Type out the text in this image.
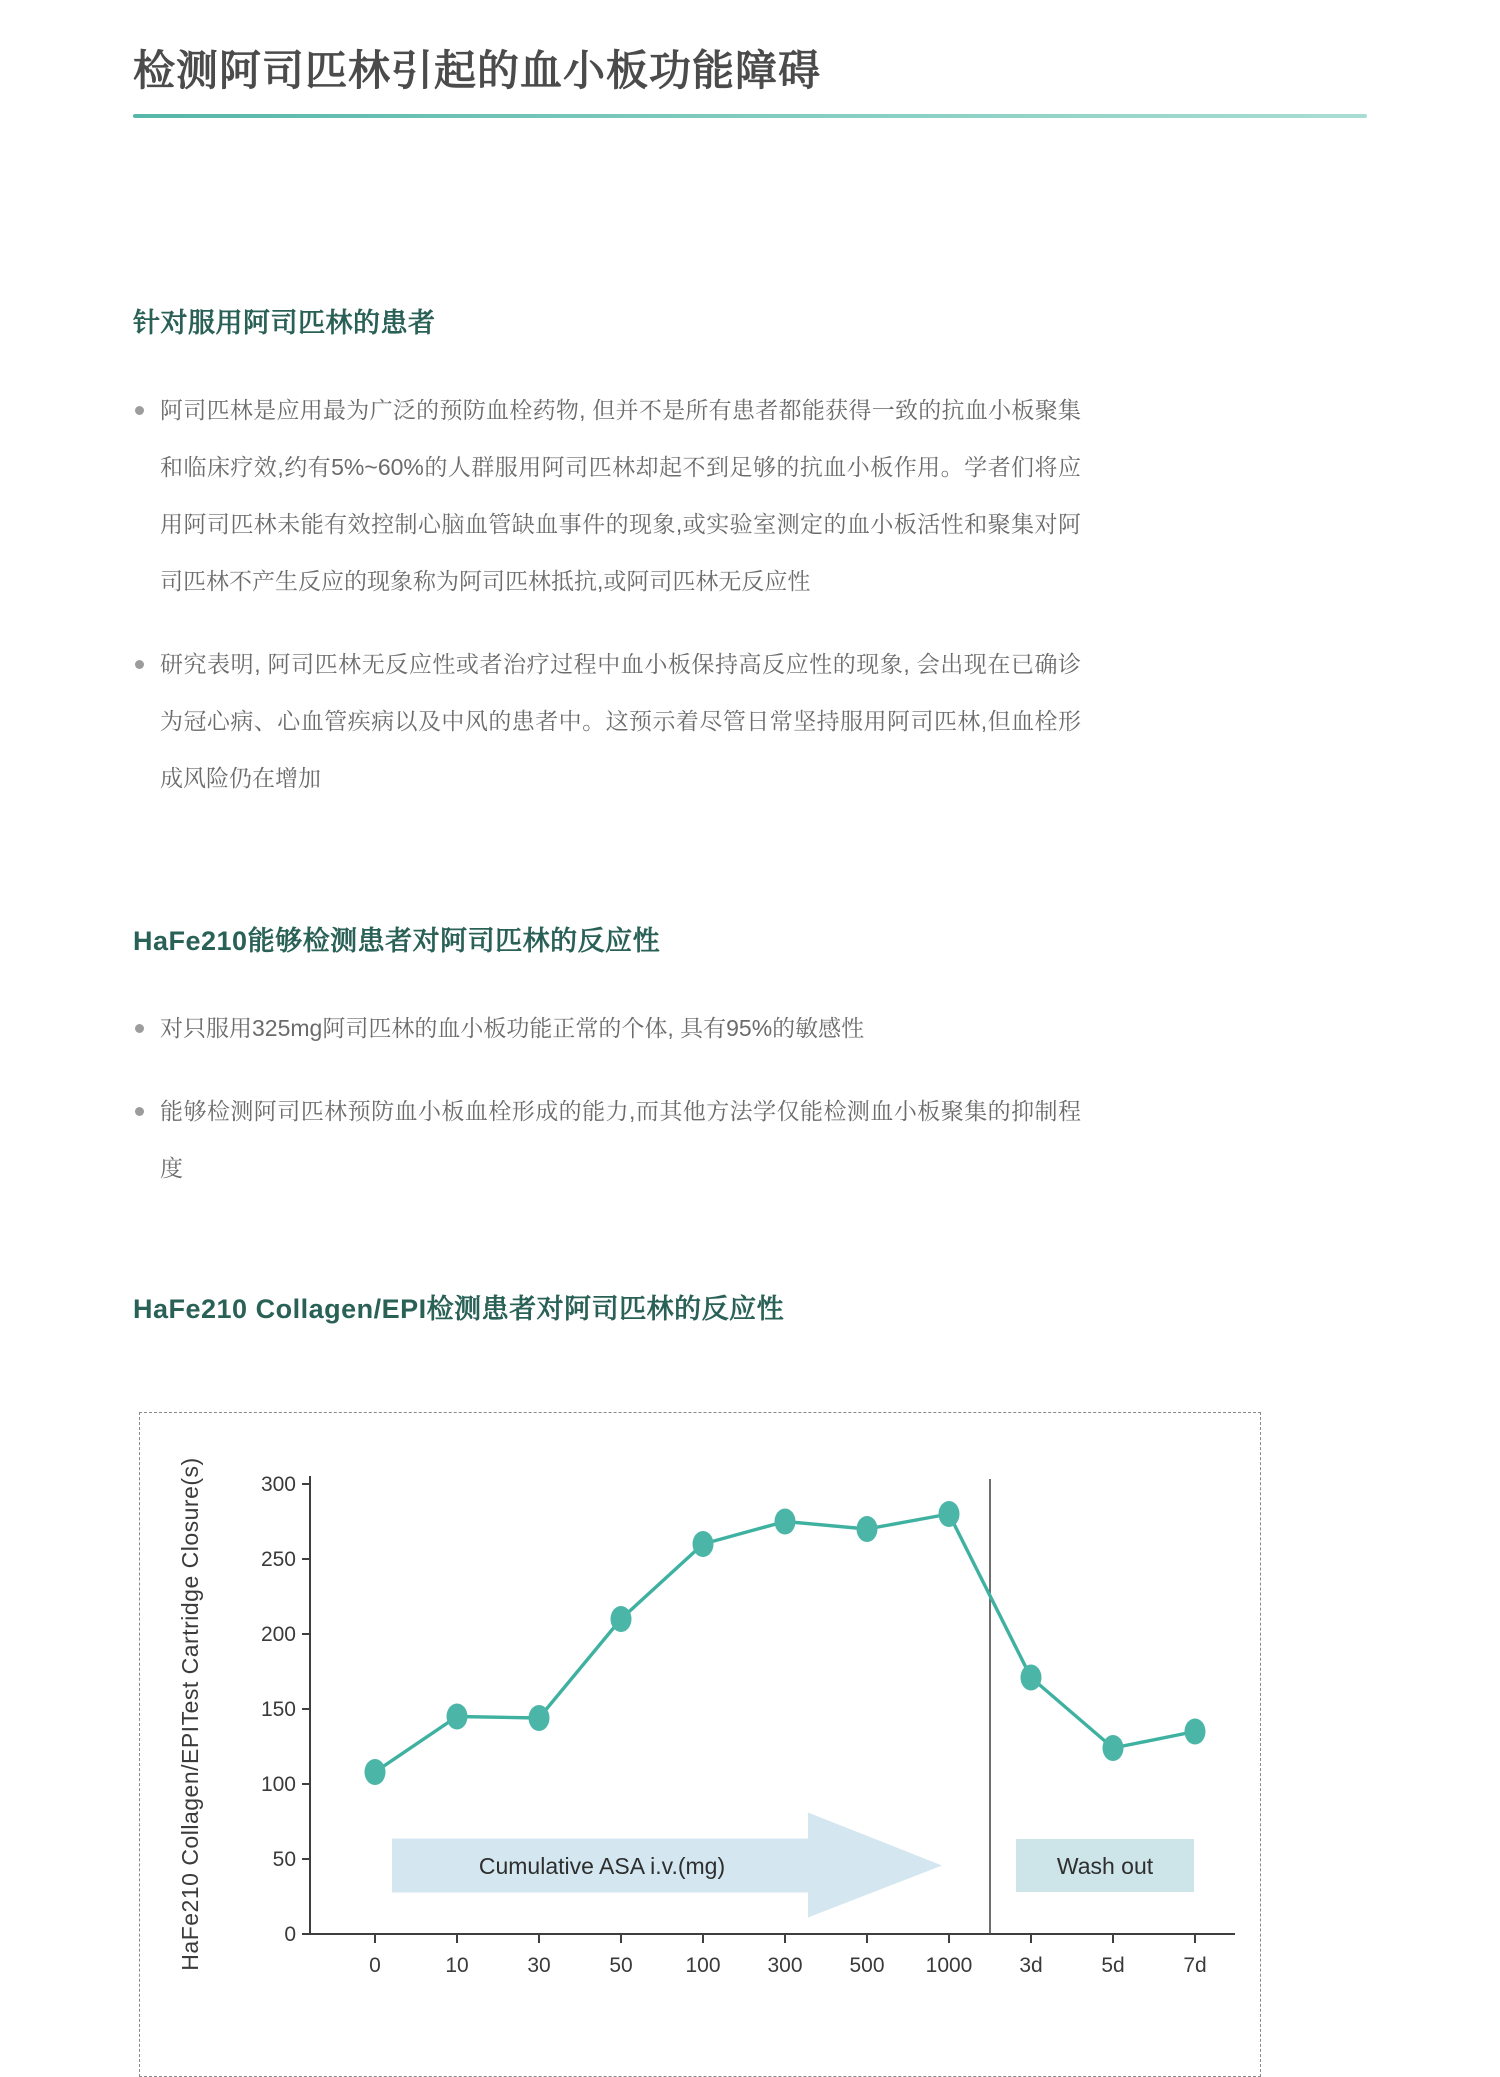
检测阿司匹林引起的血小板功能障碍
针对服用阿司匹林的患者
阿司匹林是应用最为广泛的预防血栓药物, 但并不是所有患者都能获得一致的抗血小板聚集和临床疗效,约有5%~60%的人群服用阿司匹林却起不到足够的抗血小板作用。学者们将应用阿司匹林未能有效控制心脑血管缺血事件的现象,或实验室测定的血小板活性和聚集对阿司匹林不产生反应的现象称为阿司匹林抵抗,或阿司匹林无反应性
研究表明, 阿司匹林无反应性或者治疗过程中血小板保持高反应性的现象, 会出现在已确诊为冠心病、心血管疾病以及中风的患者中。这预示着尽管日常坚持服用阿司匹林,但血栓形成风险仍在增加
HaFe210能够检测患者对阿司匹林的反应性
对只服用325mg阿司匹林的血小板功能正常的个体, 具有95%的敏感性
能够检测阿司匹林预防血小板血栓形成的能力,而其他方法学仅能检测血小板聚集的抑制程度
HaFe210 Collagen/EPI检测患者对阿司匹林的反应性
0
50
100
150
200
250
300
0	10	30	50	100 300 500 1000 3d	5d	7d
Cumulative ASA i.v.(mg)	Wash out
HaFe210 Collagen/EPITest Cartridge Closure(s)
